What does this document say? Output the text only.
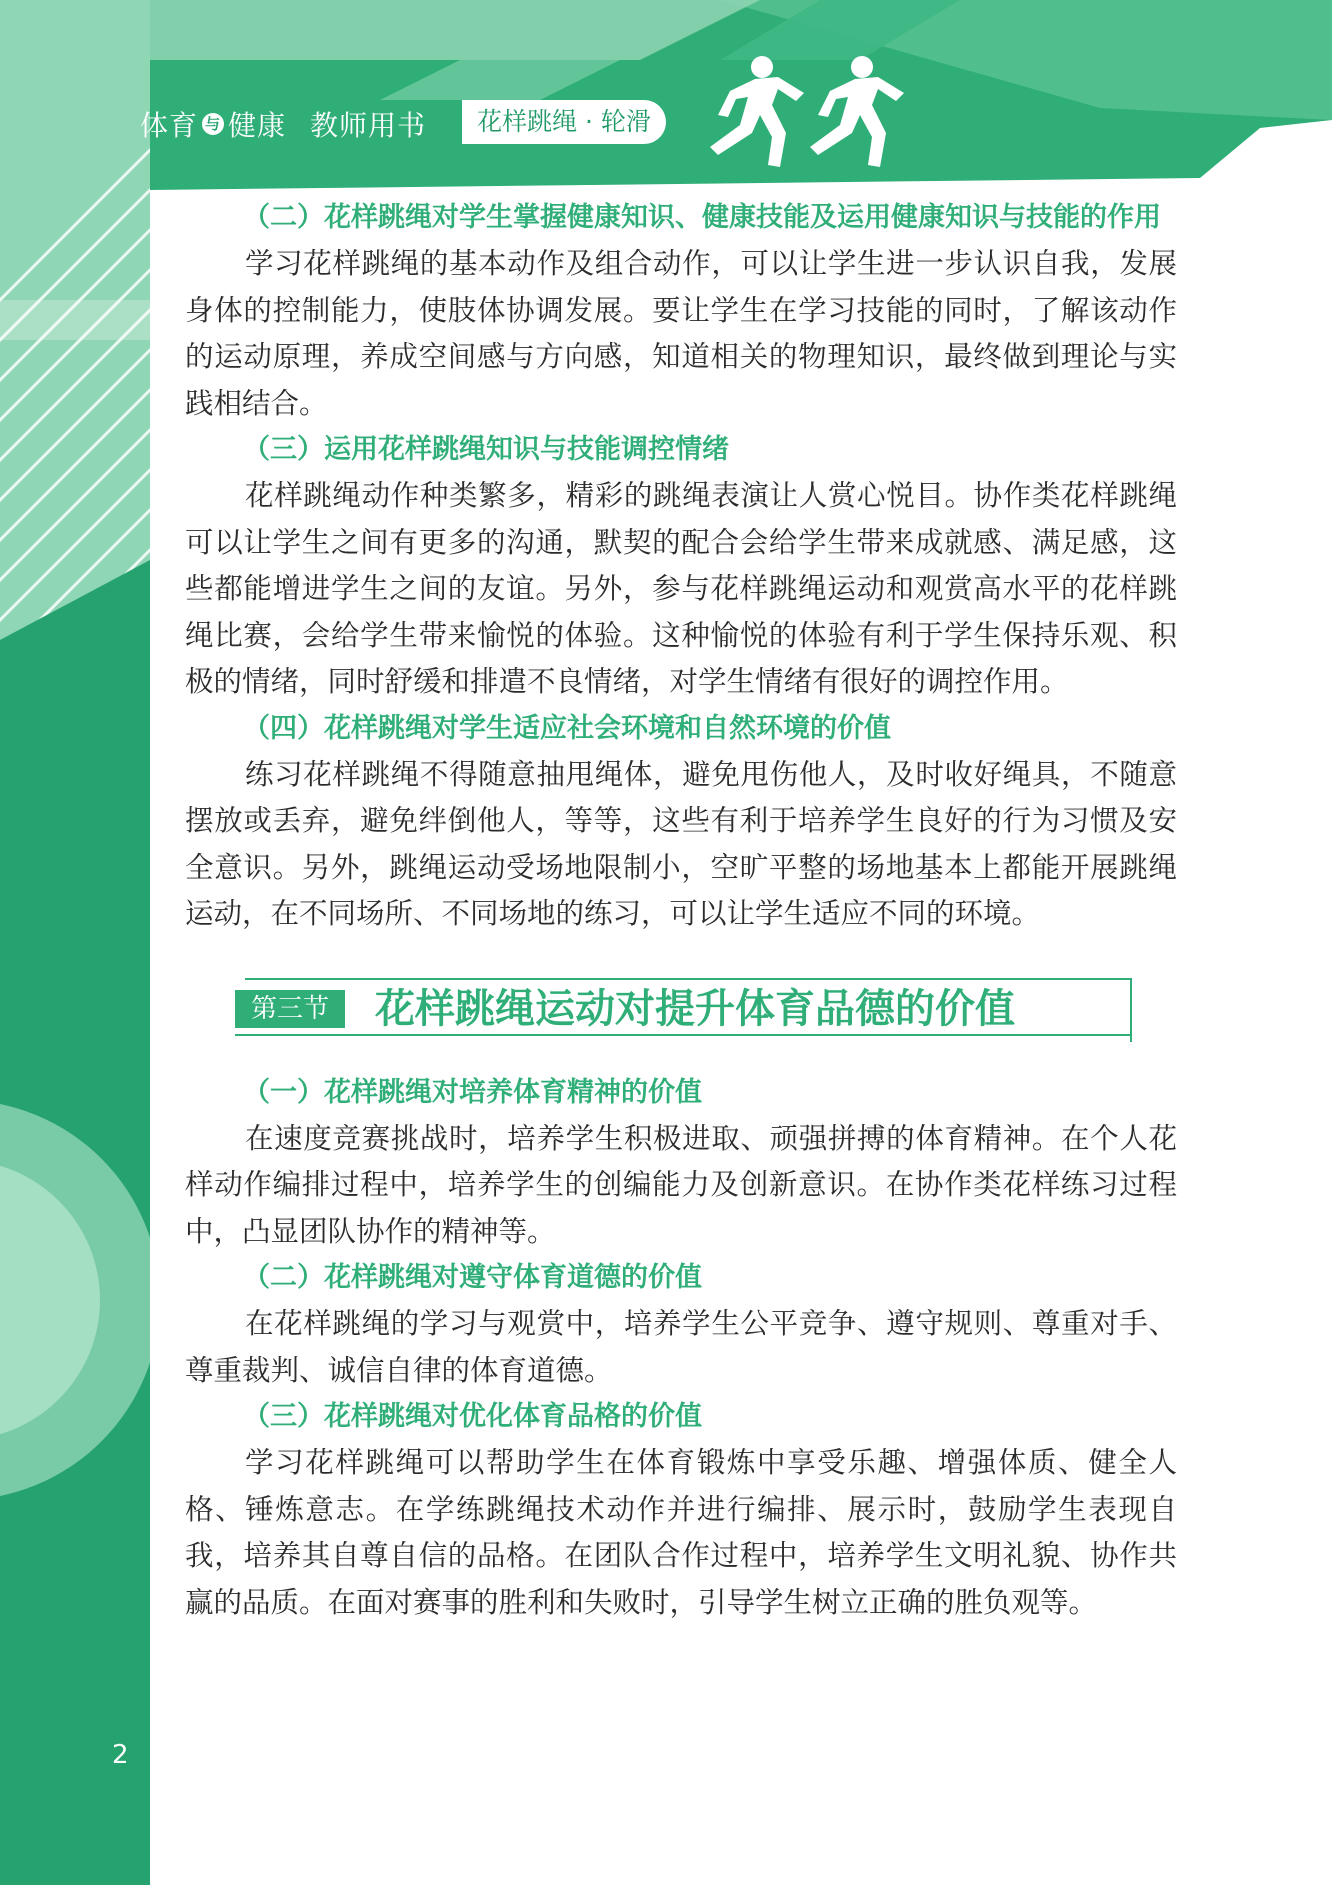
体育 与 健康 教师用书	花样跳绳 · 轮滑

（二）花样跳绳对学生掌握健康知识、健康技能及运用健康知识与技能的作用

学习花样跳绳的基本动作及组合动作，可以让学生进一步认识自我，发展身体的控制能力，使肢体协调发展。要让学生在学习技能的同时，了解该动作的运动原理，养成空间感与方向感，知道相关的物理知识，最终做到理论与实践相结合。

（三）运用花样跳绳知识与技能调控情绪

花样跳绳动作种类繁多，精彩的跳绳表演让人赏心悦目。协作类花样跳绳可以让学生之间有更多的沟通，默契的配合会给学生带来成就感、满足感，这些都能增进学生之间的友谊。另外，参与花样跳绳运动和观赏高水平的花样跳绳比赛，会给学生带来愉悦的体验。这种愉悦的体验有利于学生保持乐观、积极的情绪，同时舒缓和排遣不良情绪，对学生情绪有很好的调控作用。

（四）花样跳绳对学生适应社会环境和自然环境的价值

练习花样跳绳不得随意抽甩绳体，避免甩伤他人，及时收好绳具，不随意摆放或丢弃，避免绊倒他人，等等，这些有利于培养学生良好的行为习惯及安全意识。另外，跳绳运动受场地限制小，空旷平整的场地基本上都能开展跳绳运动，在不同场所、不同场地的练习，可以让学生适应不同的环境。

第三节	花样跳绳运动对提升体育品德的价值

（一）花样跳绳对培养体育精神的价值

在速度竞赛挑战时，培养学生积极进取、顽强拼搏的体育精神。在个人花样动作编排过程中，培养学生的创编能力及创新意识。在协作类花样练习过程中，凸显团队协作的精神等。

（二）花样跳绳对遵守体育道德的价值

在花样跳绳的学习与观赏中，培养学生公平竞争、遵守规则、尊重对手、尊重裁判、诚信自律的体育道德。

（三）花样跳绳对优化体育品格的价值

学习花样跳绳可以帮助学生在体育锻炼中享受乐趣、增强体质、健全人格、锤炼意志。在学练跳绳技术动作并进行编排、展示时，鼓励学生表现自我，培养其自尊自信的品格。在团队合作过程中，培养学生文明礼貌、协作共赢的品质。在面对赛事的胜利和失败时，引导学生树立正确的胜负观等。

2
